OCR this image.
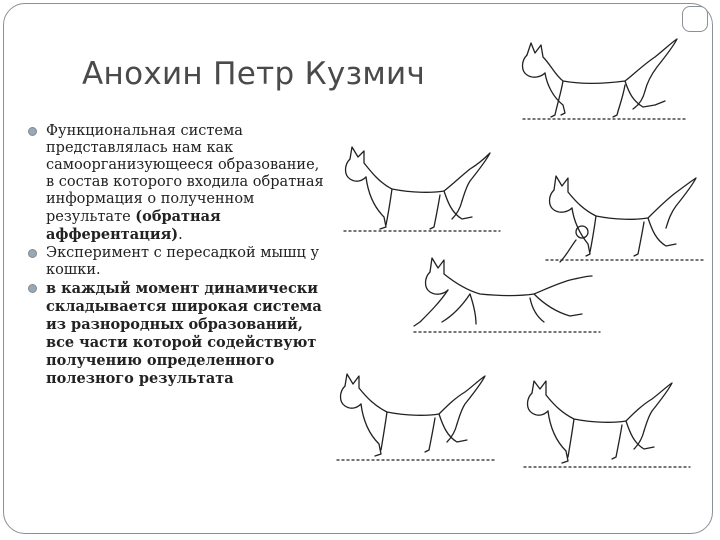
Анохин Петр Кузмич
Функциональная система представлялась нам как самоорганизующееся образование, в состав которого входила обратная информация о полученном результате (обратная афферентация).
Эксперимент с пересадкой мышц у кошки.
в каждый момент динамически складывается широкая система из разнородных образований, все части которой содействуют получению определенного полезного результата
